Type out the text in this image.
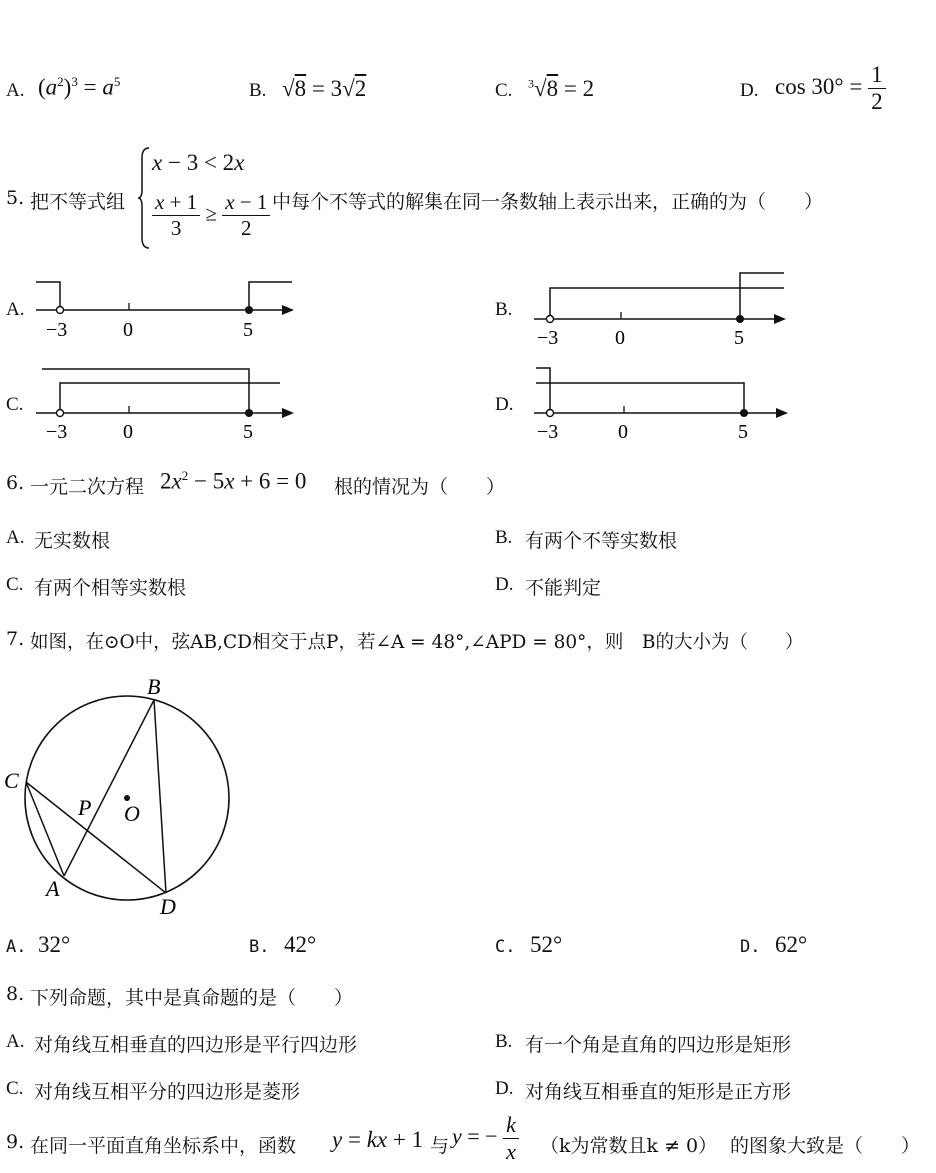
A. $(a^2)^3 = a^5$	B. √8 = 3√2	C. $^3$√8 = 2	D. $\cos 30^\circ = \frac{1}{2}$
5. 把不等式组
x − 3 < 2x
$\frac{x + 1}{3} \ge \frac{x - 1}{2}$ 中每个不等式的解集在同一条数轴上表示出来，正确的为（　　）
A.
−3	0	5
B.
−3	0	5
C.
−3	0	5
D.
−3	0	5
6. 一元二次方程 $2x^2 - 5x + 6 = 0$ 根的情况为（　　）
A. 无实数根	B. 有两个不等实数根
C. 有两个相等实数根	D. 不能判定
7. 如图，在⊙O中，弦AB,CD相交于点P，若∠A = 48°,∠APD = 80°，则　B的大小为（　　）
B
C
P O
A
D
A. 32°	B. 42°	C. 52°	D. 62°
8. 下列命题，其中是真命题的是（　　）
A. 对角线互相垂直的四边形是平行四边形	B. 有一个角是直角的四边形是矩形
C. 对角线互相平分的四边形是菱形	D. 对角线互相垂直的矩形是正方形
9. 在同一平面直角坐标系中，函数 y = kx + 1 与 y = − $\frac{k}{x} (k$为常数且k ≠ 0） 的图象大致是（　　）
